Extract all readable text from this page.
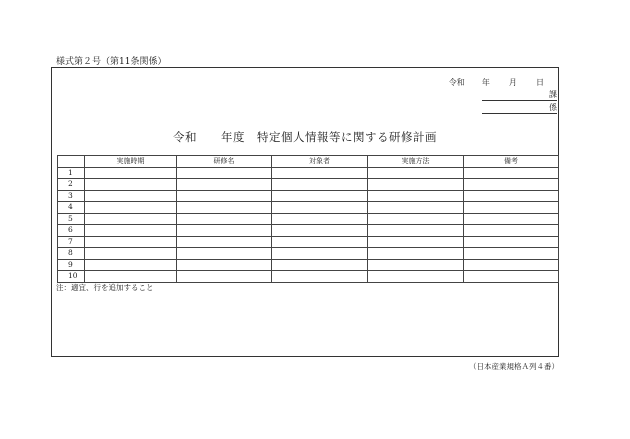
様式第２号（第11条関係）
令和 年 月 日
課
係
令和　　年度　特定個人情報等に関する研修計画
	実施時期	研修名	対象者	実施方法	備考
1					
2					
3					
4					
5					
6					
7					
8					
9					
10					
注：適宜、行を追加すること
（日本産業規格Ａ列４番）
